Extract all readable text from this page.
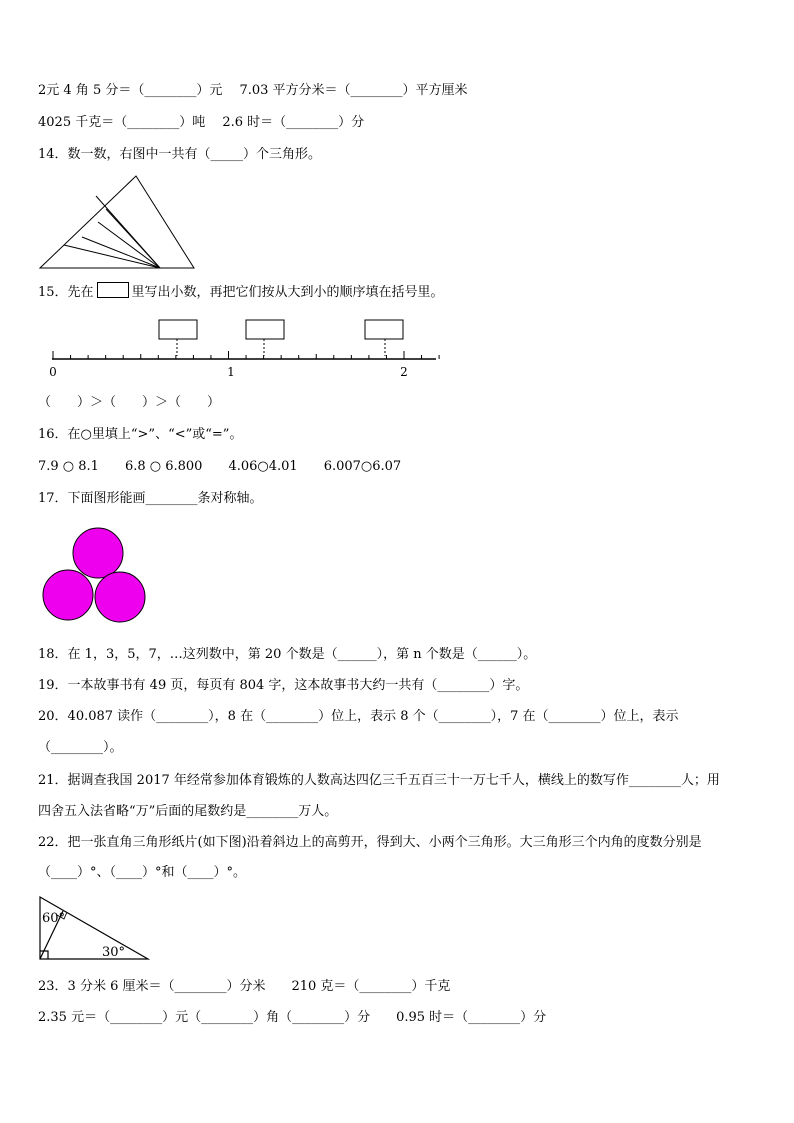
2元 4 角 5 分＝（________）元　 7.03 平方分米＝（________）平方厘米
4025 千克＝（________）吨　 2.6 时＝（________）分
14．数一数，右图中一共有（_____）个三角形。
15．先在	里写出小数，再把它们按从大到小的顺序填在括号里。
0	1	2
（　　）＞（　　）＞（　　）
16．在○里填上“>”、“<”或“=”。
7.9 ○ 8.1　　6.8 ○ 6.800　　4.06○4.01　　6.007○6.07
17．下面图形能画________条对称轴。
18．在 1，3，5，7，…这列数中，第 20 个数是（______），第 n 个数是（______）。
19．一本故事书有 49 页，每页有 804 字，这本故事书大约一共有（________）字。
20．40.087 读作（________），8 在（________）位上，表示 8 个（________），7 在（________）位上，表示
（________）。
21．据调查我国 2017 年经常参加体育锻炼的人数高达四亿三千五百三十一万七千人，横线上的数写作________人；用
四舍五入法省略“万”后面的尾数约是________万人。
22．把一张直角三角形纸片(如下图)沿着斜边上的高剪开，得到大、小两个三角形。大三角形三个内角的度数分别是
（____）°、（____）°和（____）°。
60°
30°
23．3 分米 6 厘米＝（________）分米　　210 克＝（________）千克
2.35 元＝（________）元（________）角（________）分　　0.95 时＝（________）分
